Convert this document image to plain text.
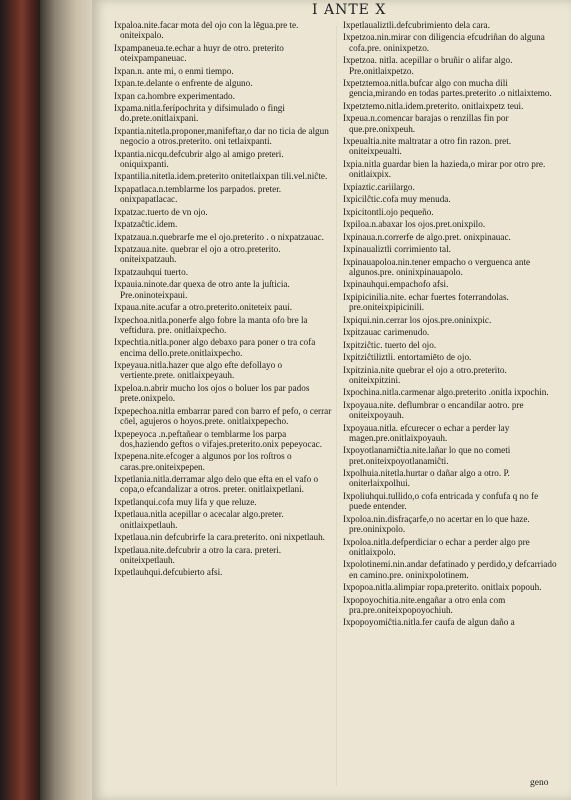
I ANTE X
Ixpaloa.nite.facar mota del ojo con la lēgua.pre te. oniteixpalo.
Ixpampaneua.te.echar a huyr de otro. preterito oteixpampaneuac.
Ixpan.n. ante mi, o enmi tiempo.
Ixpan.te.delante o enfrente de alguno.
Ixpan ca.hombre experimentado.
Ixpama.nitla.ferípochrita y difsimulado o fingi do.prete.onitlaixpani.
Ixpantia.nitetla.proponer,manifeftar,o dar no ticia de algun negocio a otros.preterito. oni tetlaixpanti.
Ixpantia.nicqu.defcubrir algo al amigo preteri. oniquixpanti.
Ixpantilia.nitetla.idem.preterito onitetlaixpan tili.vel.niĉte.
Ixpapatlaca.n.temblarme los parpados. preter. onixpapatlacac.
Ixpatzac.tuerto de vn ojo.
Ixpatzaĉtic.idem.
Ixpatzaua.n.quebrarfe me el ojo.preterito . o nixpatzauac.
Ixpatzaua.nite. quebrar el ojo a otro.preterito. oniteixpatzauh.
Ixpatzauhqui tuerto.
Ixpauia.ninote.dar quexa de otro ante la juſticia. Pre.oninoteixpaui.
Ixpaua.nite.acufar a otro.preterito.oniteteix paui.
Ixpechoa.nitla.ponerfe algo fobre la manta ofo bre la veftidura. pre. onitlaixpecho.
Ixpechtia.nitla.poner algo debaxo para poner o tra cofa encima dello.prete.onitlaixpecho.
Ixpeyaua.nitla.hazer que algo efte defollayo o vertiente.prete. onitlaixpeyauh.
Ixpeloa.n.abrir mucho los ojos o boluer los par pados prete.onixpelo.
Ixpepechoa.nitla embarrar pared con barro ef pefo, o cerrar cōel, agujeros o hoyos.prete. onitlaixpepecho.
Ixpepeyoca .n.peftañear o temblarme los parpa dos,haziendo geftos o vifajes.preterito.onix pepeyocac.
Ixpepena.nite.efcoger a algunos por los roſtros o caras.pre.oniteixpepen.
Ixpetlania.nitla.derramar algo delo que efta en el vafo o copa,o efcandalizar a otros. preter. onitlaixpetlani.
Ixpetlanqui.cofa muy lifa y que reluze.
Ixpetlaua.nitla acepillar o acecalar algo.preter. onitlaixpetlauh.
Ixpetlaua.nin defcubrirfe la cara.preterito. oni nixpetlauh.
Ixpetlaua.nite.defcubrir a otro la cara. preteri. oniteixpetlauh.
Ixpetlauhqui.defcubierto afsi.
Ixpetlaualiztli.defcubrimiento dela cara.
Ixpetzoa.nin.mirar con diligencia efcudriñan do alguna cofa.pre. oninixpetzo.
Ixpetzoa. nitla. acepillar o bruñir o alifar algo. Pre.onitlaixpetzo.
Ixpetztemoa.nitla.bufcar algo con mucha dili gencia,mirando en todas partes.preterito .o nitlaixtemo.
Ixpetztemo.nitla.idem.preterito. onitlaixpetz teui.
Ixpeua.n.comencar barajas o renzillas fin por que.pre.onixpeuh.
Ixpeualtia.nite maltratar a otro fin razon. pret. oniteixpeualti.
Ixpia.nitla guardar bien la hazieda,o mirar por otro pre. onitlaixpix.
Ixpiaztic.cariilargo.
Ixpicilĉtic.cofa muy menuda.
Ixpicitontli.ojo pequeño.
Ixpiloa.n.abaxar los ojos.pret.onixpilo.
Ixpinaua.n.correrfe de algo.pret. onixpinauac.
Ixpinaualiztli corrimiento tal.
Ixpinauapoloa.nin.tener empacho o verguenca ante algunos.pre. oninixpinauapolo.
Ixpinauhqui.empachofo afsi.
Ixpipicinilia.nite. echar fuertes foterrandolas. pre.oniteixpipicinili.
Ixpiqui.nin.cerrar los ojos.pre.oninixpic.
Ixpitzauac carimenudo.
Ixpitziĉtic. tuerto del ojo.
Ixpitziĉtiliztli. entortamiēto de ojo.
Ixpitzinia.nite quebrar el ojo a otro.preterito. oniteixpitzini.
Ixpochina.nitla.carmenar algo.preterito .onitla ixpochin.
Ixpoyaua.nite. deflumbrar o encandilar aotro. pre oniteixpoyauh.
Ixpoyaua.nitla. efcurecer o echar a perder lay magen.pre.onitlaixpoyauh.
Ixpoyotlanamiĉtia.nite.lañar lo que no cometi pret.oniteixpoyotlanamiĉti.
Ixpolhuia.nitetla.hurtar o dañar algo a otro. P. oniterlaixpolhui.
Ixpoliuhqui.tullido,o cofa entricada y confufa q no fe puede entender.
Ixpoloa.nin.disfraçarfe,o no acertar en lo que haze. pre.oninixpolo.
Ixpoloa.nitla.defperdiciar o echar a perder algo pre onitlaixpolo.
Ixpolotinemi.nin.andar defatinado y perdido,y defcarriado en camino.pre. oninixpolotinem.
Ixpopoa.nitla.alimpiar ropa.preterito. onitlaix popouh.
Ixpopoyochitia.nite.engañar a otro enla com pra.pre.oniteixpopoyochiuh.
Ixpopoyomiĉtia.nitla.fer caufa de algun daño a
geno
